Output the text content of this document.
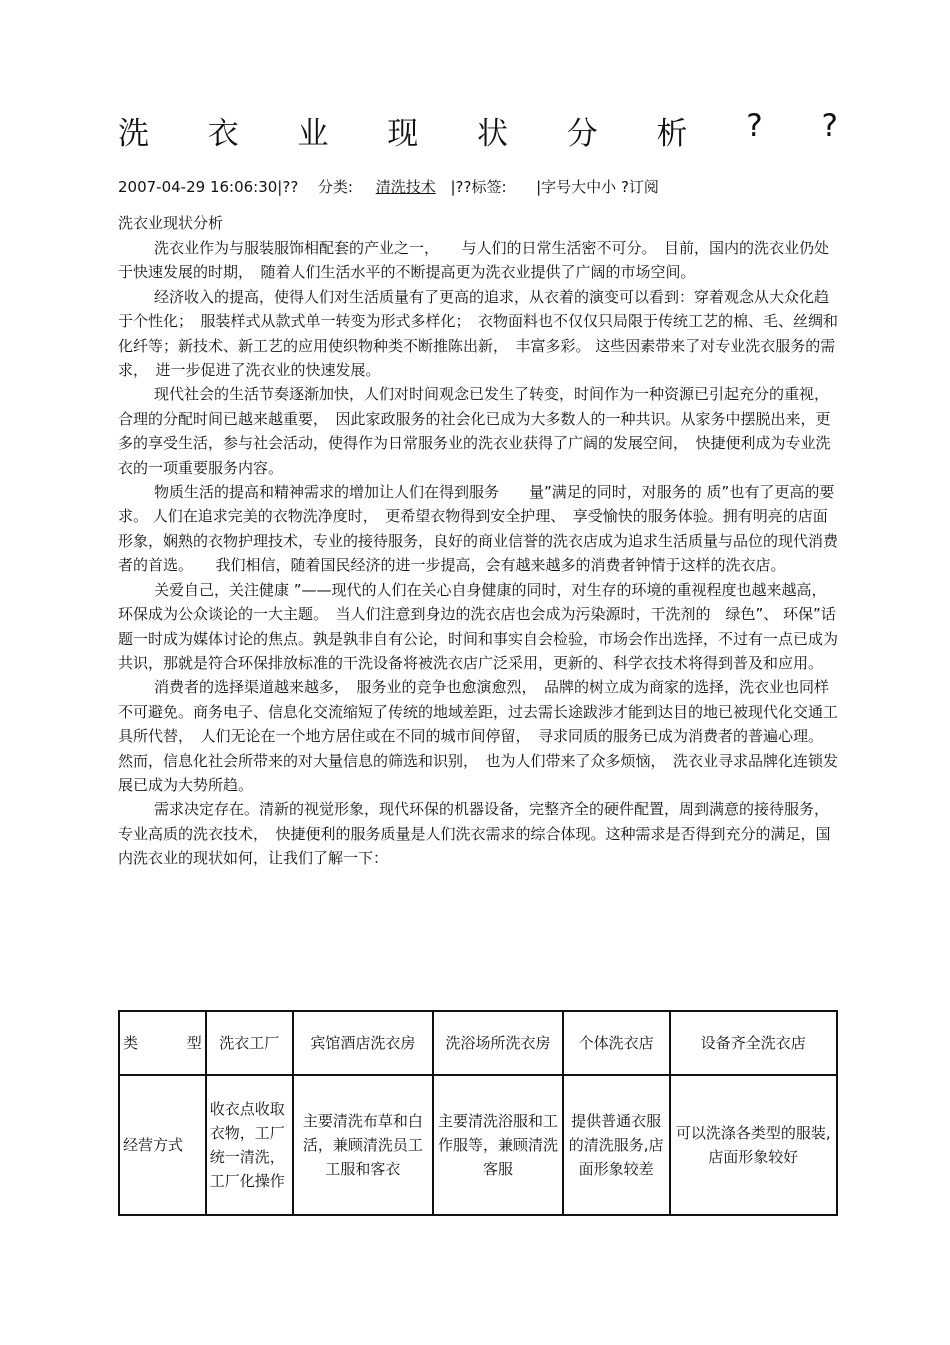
洗 衣 业 现 状 分 析 ? ?
2007-04-29 16:06:30|?? 分类: 清洗技术 |??标签: |字号大中小 ?订阅
洗衣业现状分析

洗衣业作为与服装服饰相配套的产业之一，　　与人们的日常生活密不可分。　目前，国内的洗衣业仍处于快速发展的时期，　随着人们生活水平的不断提高更为洗衣业提供了广阔的市场空间。

经济收入的提高，使得人们对生活质量有了更高的追求，从衣着的演变可以看到：穿着观念从大众化趋于个性化；　服装样式从款式单一转变为形式多样化；　衣物面料也不仅仅只局限于传统工艺的棉、毛、丝绸和化纤等；新技术、新工艺的应用使织物种类不断推陈出新，　丰富多彩。 这些因素带来了对专业洗衣服务的需求，　进一步促进了洗衣业的快速发展。

现代社会的生活节奏逐渐加快，人们对时间观念已发生了转变，时间作为一种资源已引起充分的重视，　合理的分配时间已越来越重要，　因此家政服务的社会化已成为大多数人的一种共识。从家务中摆脱出来，更多的享受生活，参与社会活动，使得作为日常服务业的洗衣业获得了广阔的发展空间，　快捷便利成为专业洗衣的一项重要服务内容。

物质生活的提高和精神需求的增加让人们在得到服务　　量”满足的同时，对服务的 质”也有了更高的要求。 人们在追求完美的衣物洗净度时，　更希望衣物得到安全护理、　享受愉快的服务体验。拥有明亮的店面形象，娴熟的衣物护理技术，专业的接待服务，良好的商业信誉的洗衣店成为追求生活质量与品位的现代消费者的首选。　　我们相信，随着国民经济的进一步提高，会有越来越多的消费者钟情于这样的洗衣店。

关爱自己，关注健康 ”——现代的人们在关心自身健康的同时，对生存的环境的重视程度也越来越高，　环保成为公众谈论的一大主题。　当人们注意到身边的洗衣店也会成为污染源时，干洗剂的　绿色”、 环保”话题一时成为媒体讨论的焦点。孰是孰非自有公论，时间和事实自会检验，市场会作出选择，不过有一点已成为共识，那就是符合环保排放标准的干洗设备将被洗衣店广泛采用，更新的、科学衣技术将得到普及和应用。

消费者的选择渠道越来越多，　服务业的竞争也愈演愈烈，　品牌的树立成为商家的选择，洗衣业也同样不可避免。商务电子、信息化交流缩短了传统的地域差距，过去需长途跋涉才能到达目的地已被现代化交通工具所代替，　人们无论在一个地方居住或在不同的城市间停留，　寻求同质的服务已成为消费者的普遍心理。　然而，信息化社会所带来的对大量信息的筛选和识别，　也为人们带来了众多烦恼，　洗衣业寻求品牌化连锁发展已成为大势所趋。

需求决定存在。清新的视觉形象，现代环保的机器设备，完整齐全的硬件配置，周到满意的接待服务，　专业高质的洗衣技术，　快捷便利的服务质量是人们洗衣需求的综合体现。这种需求是否得到充分的满足，国内洗衣业的现状如何，让我们了解一下：

类　型	洗衣工厂	宾馆酒店洗衣房	洗浴场所洗衣房	个体洗衣店	设备齐全洗衣店
经营方式	收衣点收取衣物，工厂统一清洗，工厂化操作	主要清洗布草和白活，兼顾清洗员工工服和客衣	主要清洗浴服和工作服等，兼顾清洗客服	提供普通衣服的清洗服务,店面形象较差	可以洗涤各类型的服装,店面形象较好
